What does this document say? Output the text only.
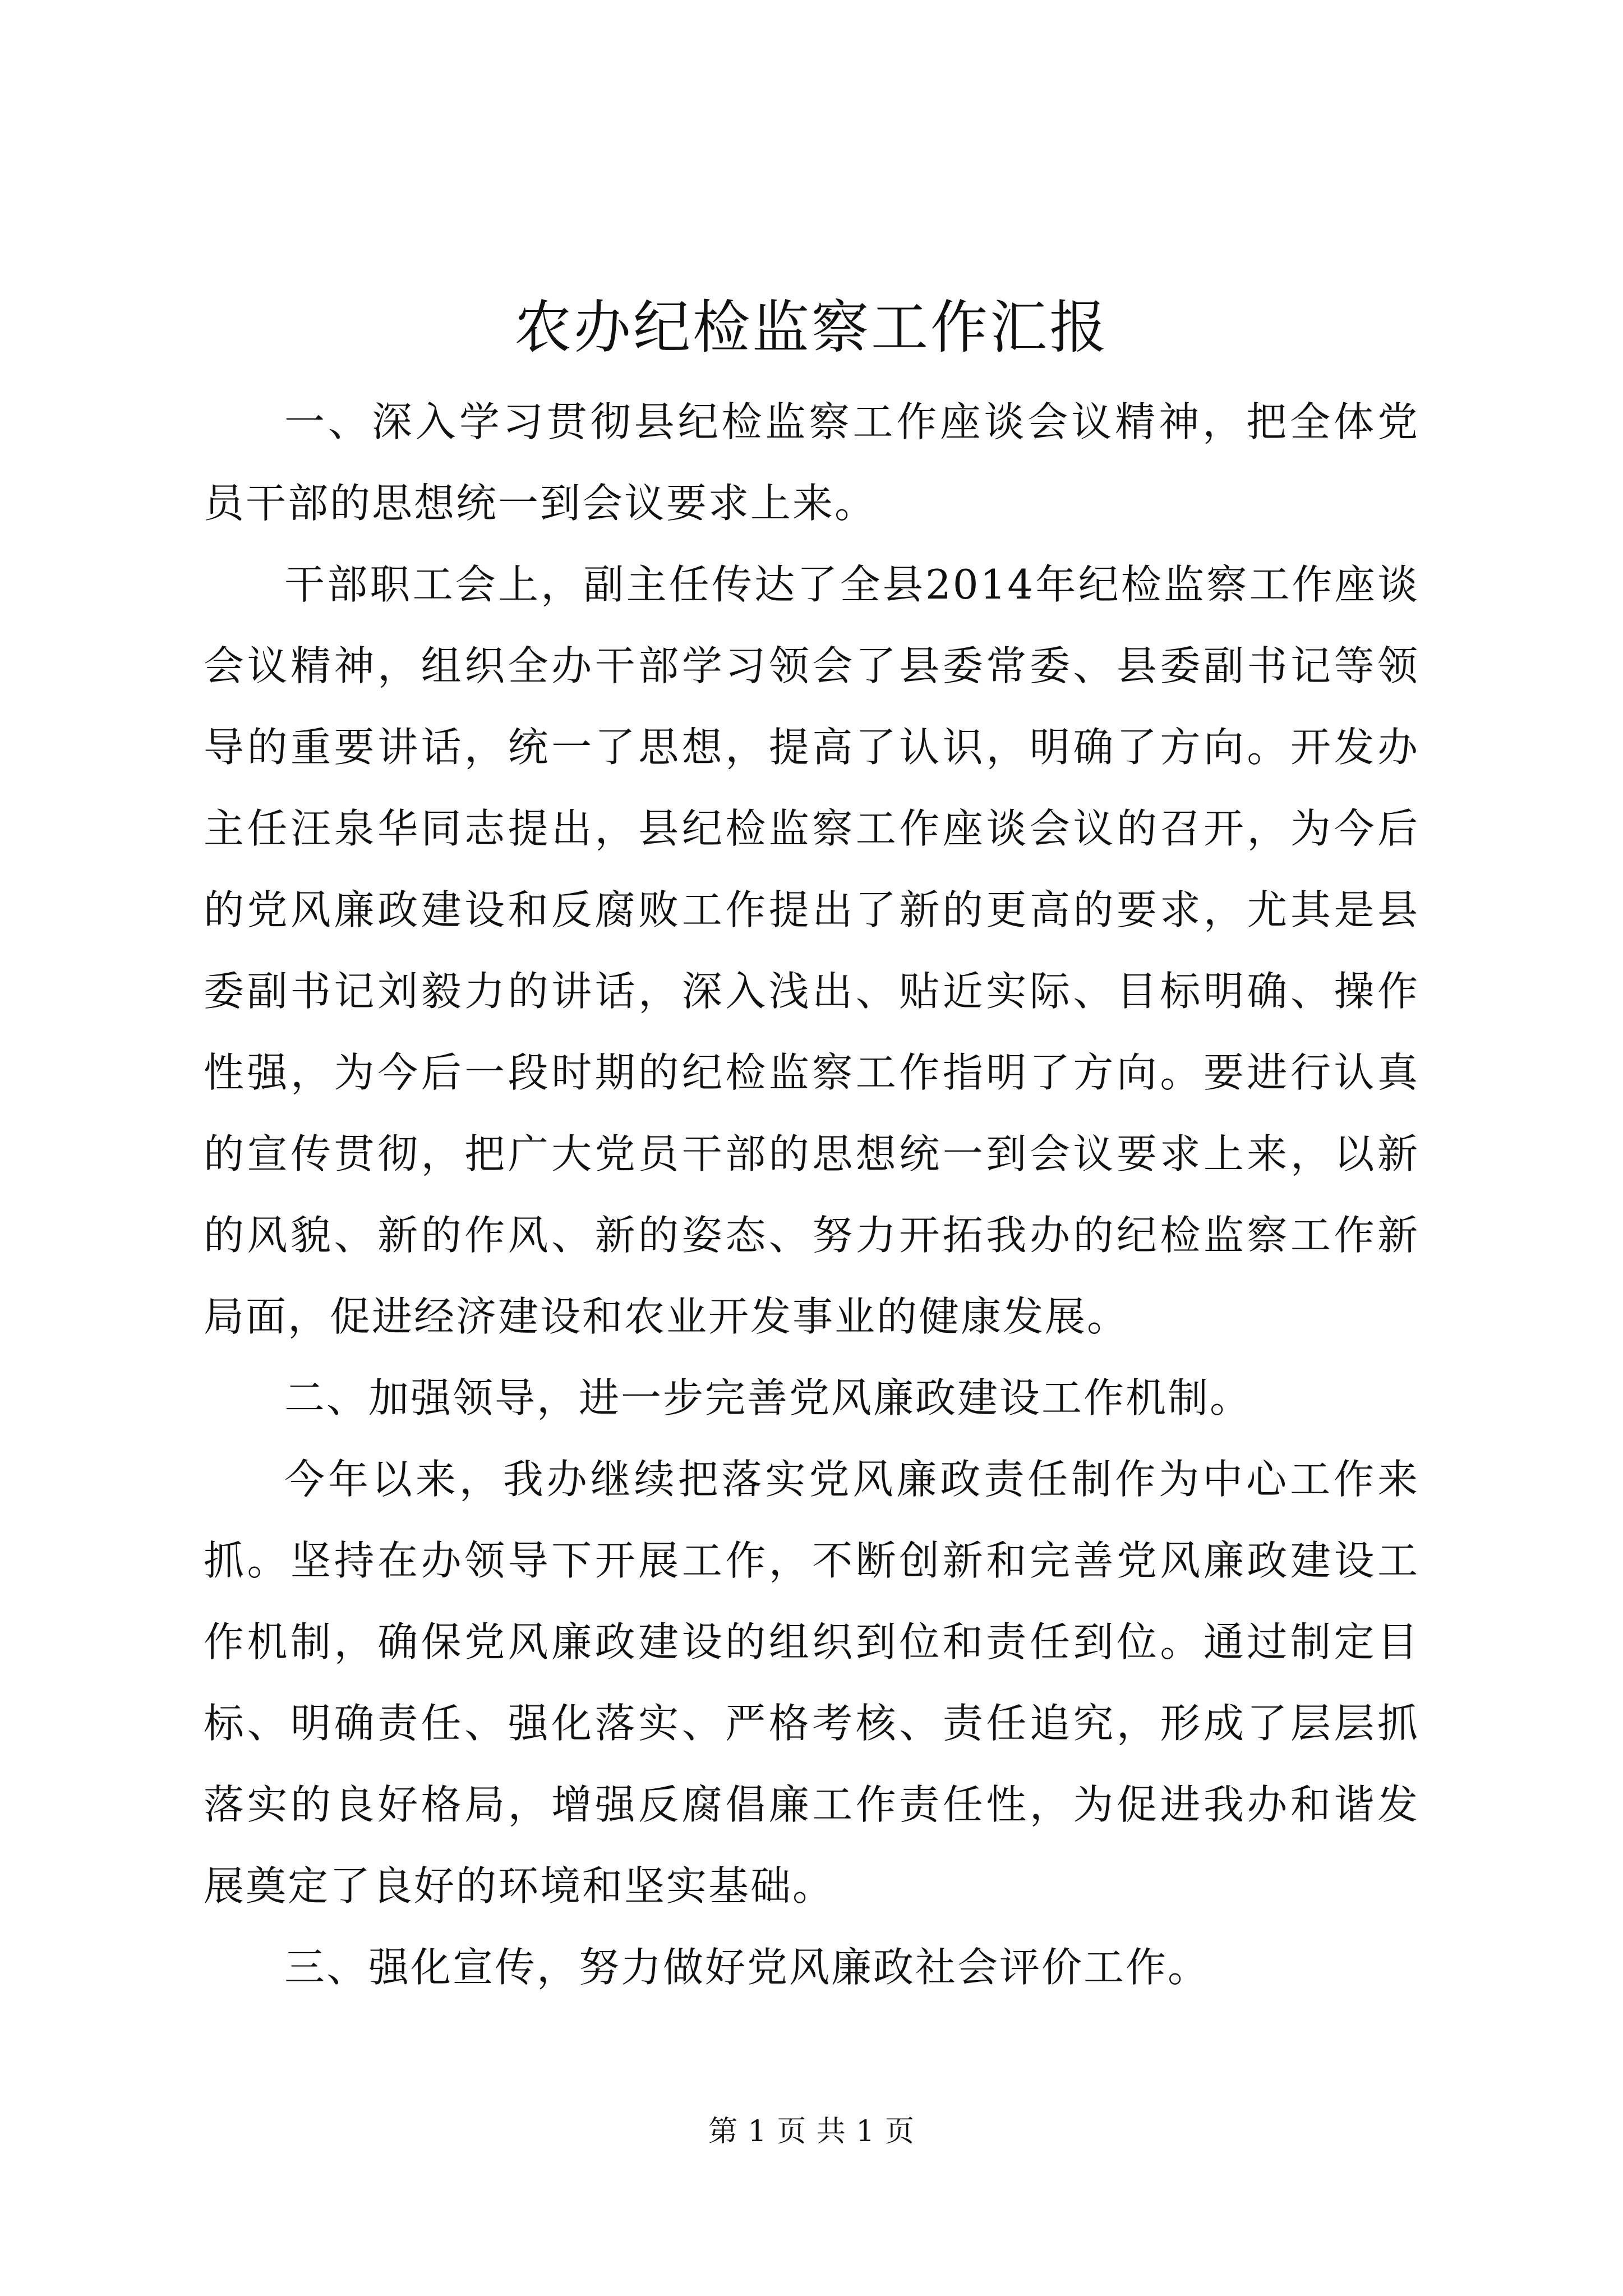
农办纪检监察工作汇报

一、深入学习贯彻县纪检监察工作座谈会议精神，把全体党员干部的思想统一到会议要求上来。

干部职工会上，副主任传达了全县2014年纪检监察工作座谈会议精神，组织全办干部学习领会了县委常委、县委副书记等领导的重要讲话，统一了思想，提高了认识，明确了方向。开发办主任汪泉华同志提出，县纪检监察工作座谈会议的召开，为今后的党风廉政建设和反腐败工作提出了新的更高的要求，尤其是县委副书记刘毅力的讲话，深入浅出、贴近实际、目标明确、操作性强，为今后一段时期的纪检监察工作指明了方向。要进行认真的宣传贯彻，把广大党员干部的思想统一到会议要求上来，以新的风貌、新的作风、新的姿态、努力开拓我办的纪检监察工作新局面，促进经济建设和农业开发事业的健康发展。

二、加强领导，进一步完善党风廉政建设工作机制。

今年以来，我办继续把落实党风廉政责任制作为中心工作来抓。坚持在办领导下开展工作，不断创新和完善党风廉政建设工作机制，确保党风廉政建设的组织到位和责任到位。通过制定目标、明确责任、强化落实、严格考核、责任追究，形成了层层抓落实的良好格局，增强反腐倡廉工作责任性，为促进我办和谐发展奠定了良好的环境和坚实基础。

三、强化宣传，努力做好党风廉政社会评价工作。

第 1 页 共 1 页
